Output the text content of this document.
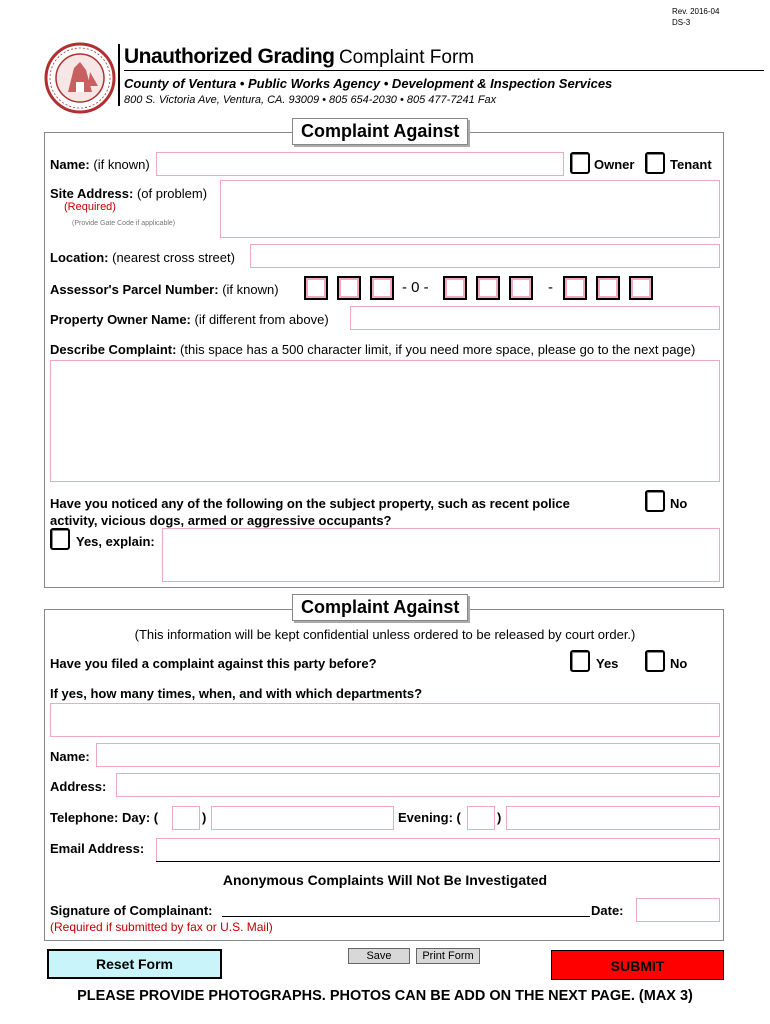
Rev. 2016-04
DS-3
Unauthorized Grading Complaint Form
County of Ventura • Public Works Agency • Development & Inspection Services
800 S. Victoria Ave, Ventura, CA. 93009 • 805 654-2030 • 805 477-7241 Fax
Complaint Against
Name: (if known)	Owner	Tenant
Site Address: (of problem)
(Required)
(Provide Gate Code if applicable)
Location: (nearest cross street)
Assessor's Parcel Number: (if known)	- 0 -	-
Property Owner Name: (if different from above)
Describe Complaint: (this space has a 500 character limit, if you need more space, please go to the next page)
Have you noticed any of the following on the subject property, such as recent police activity, vicious dogs, armed or aggressive occupants?
No
Yes, explain:
Complaint Against
(This information will be kept confidential unless ordered to be released by court order.)
Have you filed a complaint against this party before?	Yes	No
If yes, how many times, when, and with which departments?
Name:
Address:
Telephone: Day: (	)	Evening: (	)
Email Address:
Anonymous Complaints Will Not Be Investigated
Signature of Complainant:	Date:
(Required if submitted by fax or U.S. Mail)
Save	Print Form
Reset Form	SUBMIT
PLEASE PROVIDE PHOTOGRAPHS. PHOTOS CAN BE ADD ON THE NEXT PAGE. (MAX 3)
